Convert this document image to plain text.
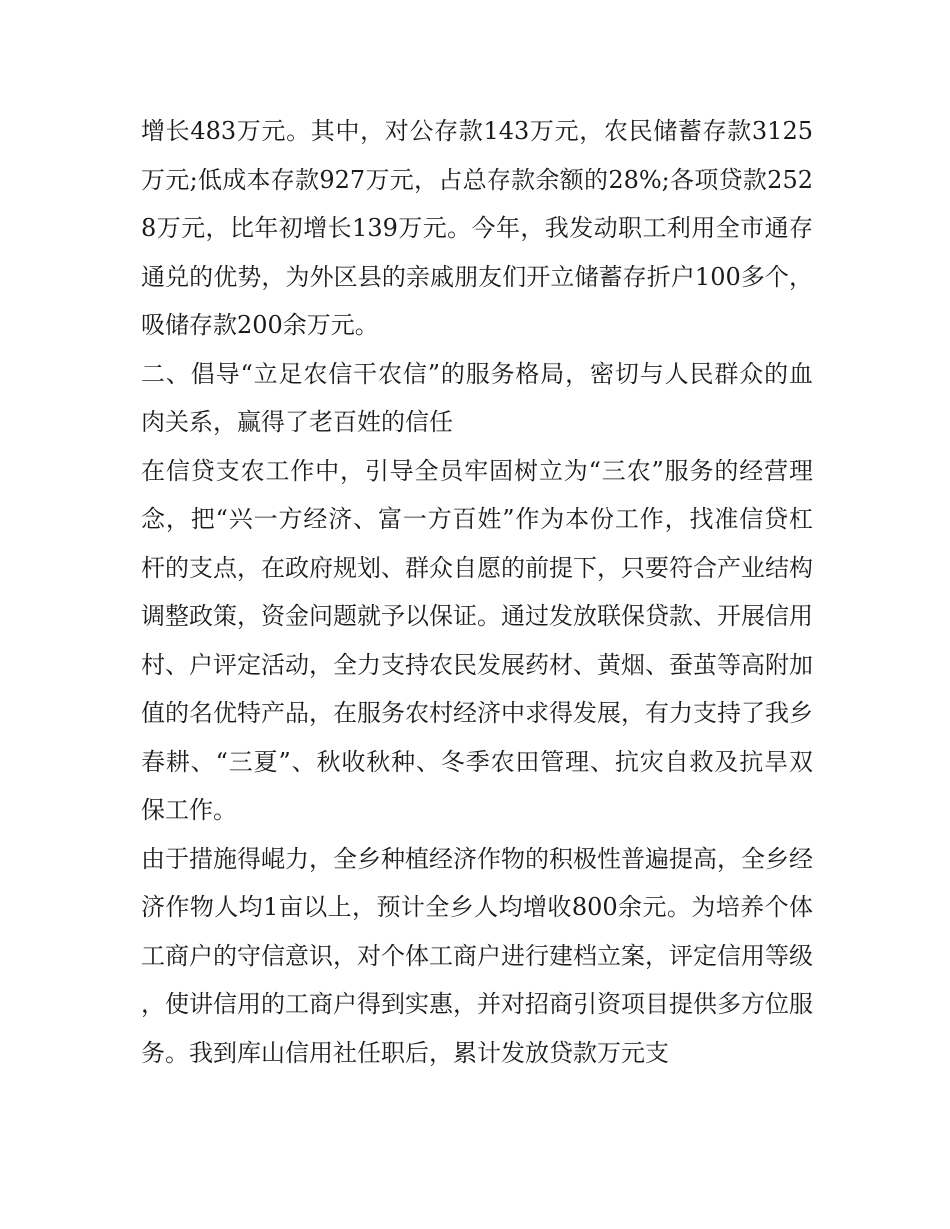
增长483万元。其中，对公存款143万元，农民储蓄存款3125万元;低成本存款927万元，占总存款余额的28%;各项贷款2528万元，比年初增长139万元。今年，我发动职工利用全市通存通兑的优势，为外区县的亲戚朋友们开立储蓄存折户100多个，吸储存款200余万元。

二、倡导“立足农信干农信”的服务格局，密切与人民群众的血肉关系，赢得了老百姓的信任

在信贷支农工作中，引导全员牢固树立为“三农”服务的经营理念，把“兴一方经济、富一方百姓”作为本份工作，找准信贷杠杆的支点，在政府规划、群众自愿的前提下，只要符合产业结构调整政策，资金问题就予以保证。通过发放联保贷款、开展信用村、户评定活动，全力支持农民发展药材、黄烟、蚕茧等高附加值的名优特产品，在服务农村经济中求得发展，有力支持了我乡春耕、“三夏”、秋收秋种、冬季农田管理、抗灾自救及抗旱双保工作。

由于措施得崐力，全乡种植经济作物的积极性普遍提高，全乡经济作物人均1亩以上，预计全乡人均增收800余元。为培养个体工商户的守信意识，对个体工商户进行建档立案，评定信用等级，使讲信用的工商户得到实惠，并对招商引资项目提供多方位服务。我到库山信用社任职后，累计发放贷款万元支
